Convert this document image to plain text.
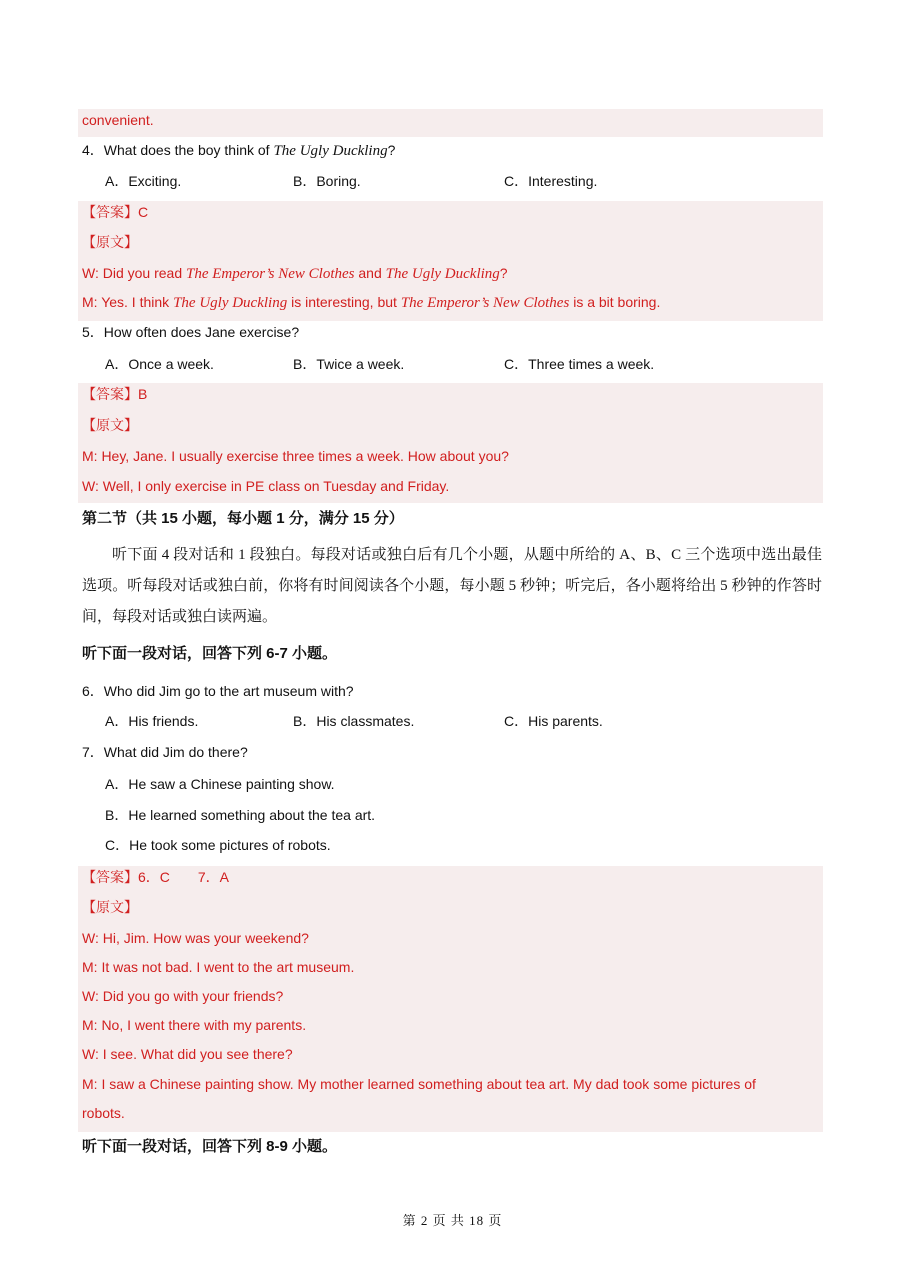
convenient.
4．What does the boy think of The Ugly Duckling?
A．Exciting.	B．Boring.	C．Interesting.
【答案】C
【原文】
W: Did you read The Emperor’s New Clothes and The Ugly Duckling?
M: Yes. I think The Ugly Duckling is interesting, but The Emperor’s New Clothes is a bit boring.
5．How often does Jane exercise?
A．Once a week.	B．Twice a week.	C．Three times a week.
【答案】B
【原文】
M: Hey, Jane. I usually exercise three times a week. How about you?
W: Well, I only exercise in PE class on Tuesday and Friday.
第二节（共 15 小题，每小题 1 分，满分 15 分）
听下面 4 段对话和 1 段独白。每段对话或独白后有几个小题，从题中所给的 A、B、C 三个选项中选出最佳选项。听每段对话或独白前，你将有时间阅读各个小题，每小题 5 秒钟；听完后，各小题将给出 5 秒钟的作答时间，每段对话或独白读两遍。
听下面一段对话，回答下列 6-7 小题。
6．Who did Jim go to the art museum with?
A．His friends.	B．His classmates.	C．His parents.
7．What did Jim do there?
A．He saw a Chinese painting show.
B．He learned something about the tea art.
C．He took some pictures of robots.
【答案】6．C　　7．A
【原文】
W: Hi, Jim. How was your weekend?
M: It was not bad. I went to the art museum.
W: Did you go with your friends?
M: No, I went there with my parents.
W: I see. What did you see there?
M: I saw a Chinese painting show. My mother learned something about tea art. My dad took some pictures of
robots.
听下面一段对话，回答下列 8-9 小题。
第 2 页 共 18 页
